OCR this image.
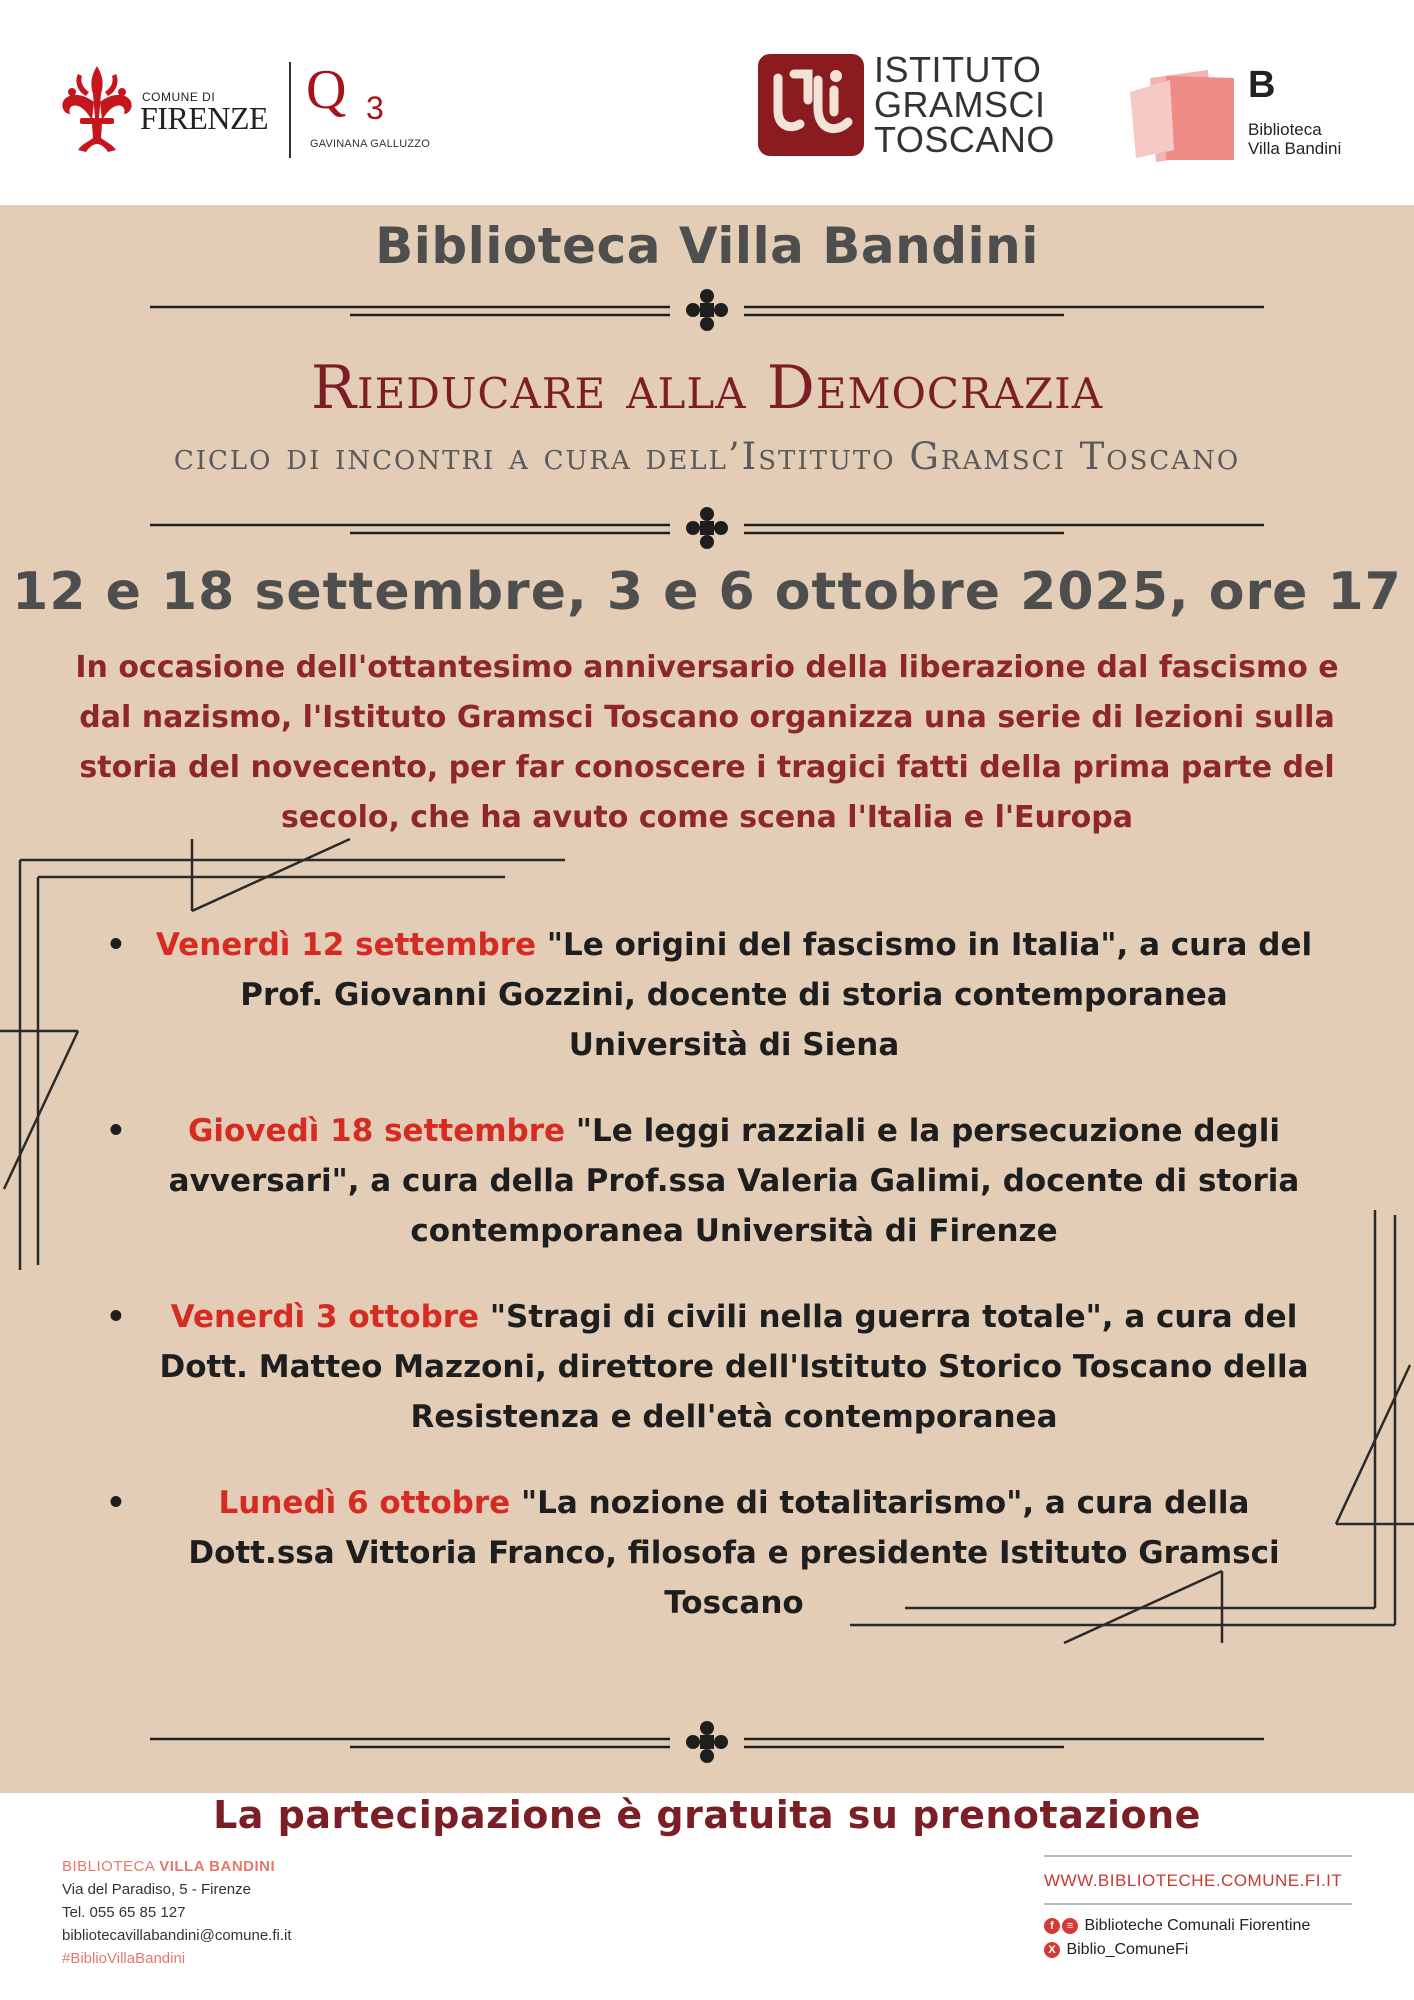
COMUNE DI
FIRENZE Q 3
GAVINANA GALLUZZO
ISTITUTO
GRAMSCI
TOSCANO
B
Biblioteca
Villa Bandini
Biblioteca Villa Bandini
Rieducare alla Democrazia
ciclo di incontri a cura dell’Istituto Gramsci Toscano
12 e 18 settembre, 3 e 6 ottobre 2025, ore 17
In occasione dell'ottantesimo anniversario della liberazione dal fascismo e dal nazismo, l'Istituto Gramsci Toscano organizza una serie di lezioni sulla storia del novecento, per far conoscere i tragici fatti della prima parte del secolo, che ha avuto come scena l'Italia e l'Europa
• Venerdì 12 settembre "Le origini del fascismo in Italia", a cura del Prof. Giovanni Gozzini, docente di storia contemporanea Università di Siena
• Giovedì 18 settembre "Le leggi razziali e la persecuzione degli avversari", a cura della Prof.ssa Valeria Galimi, docente di storia contemporanea Università di Firenze
• Venerdì 3 ottobre "Stragi di civili nella guerra totale", a cura del Dott. Matteo Mazzoni, direttore dell'Istituto Storico Toscano della Resistenza e dell'età contemporanea
•	Lunedì 6 ottobre "La nozione di totalitarismo", a cura della Dott.ssa Vittoria Franco, filosofa e presidente Istituto Gramsci Toscano
La partecipazione è gratuita su prenotazione
BIBLIOTECA VILLA BANDINI
Via del Paradiso, 5 - Firenze
Tel. 055 65 85 127
bibliotecavillabandini@comune.fi.it
#BiblioVillaBandini
WWW.BIBLIOTECHE.COMUNE.FI.IT
f ≡ Biblioteche Comunali Fiorentine
X Biblio_ComuneFi
